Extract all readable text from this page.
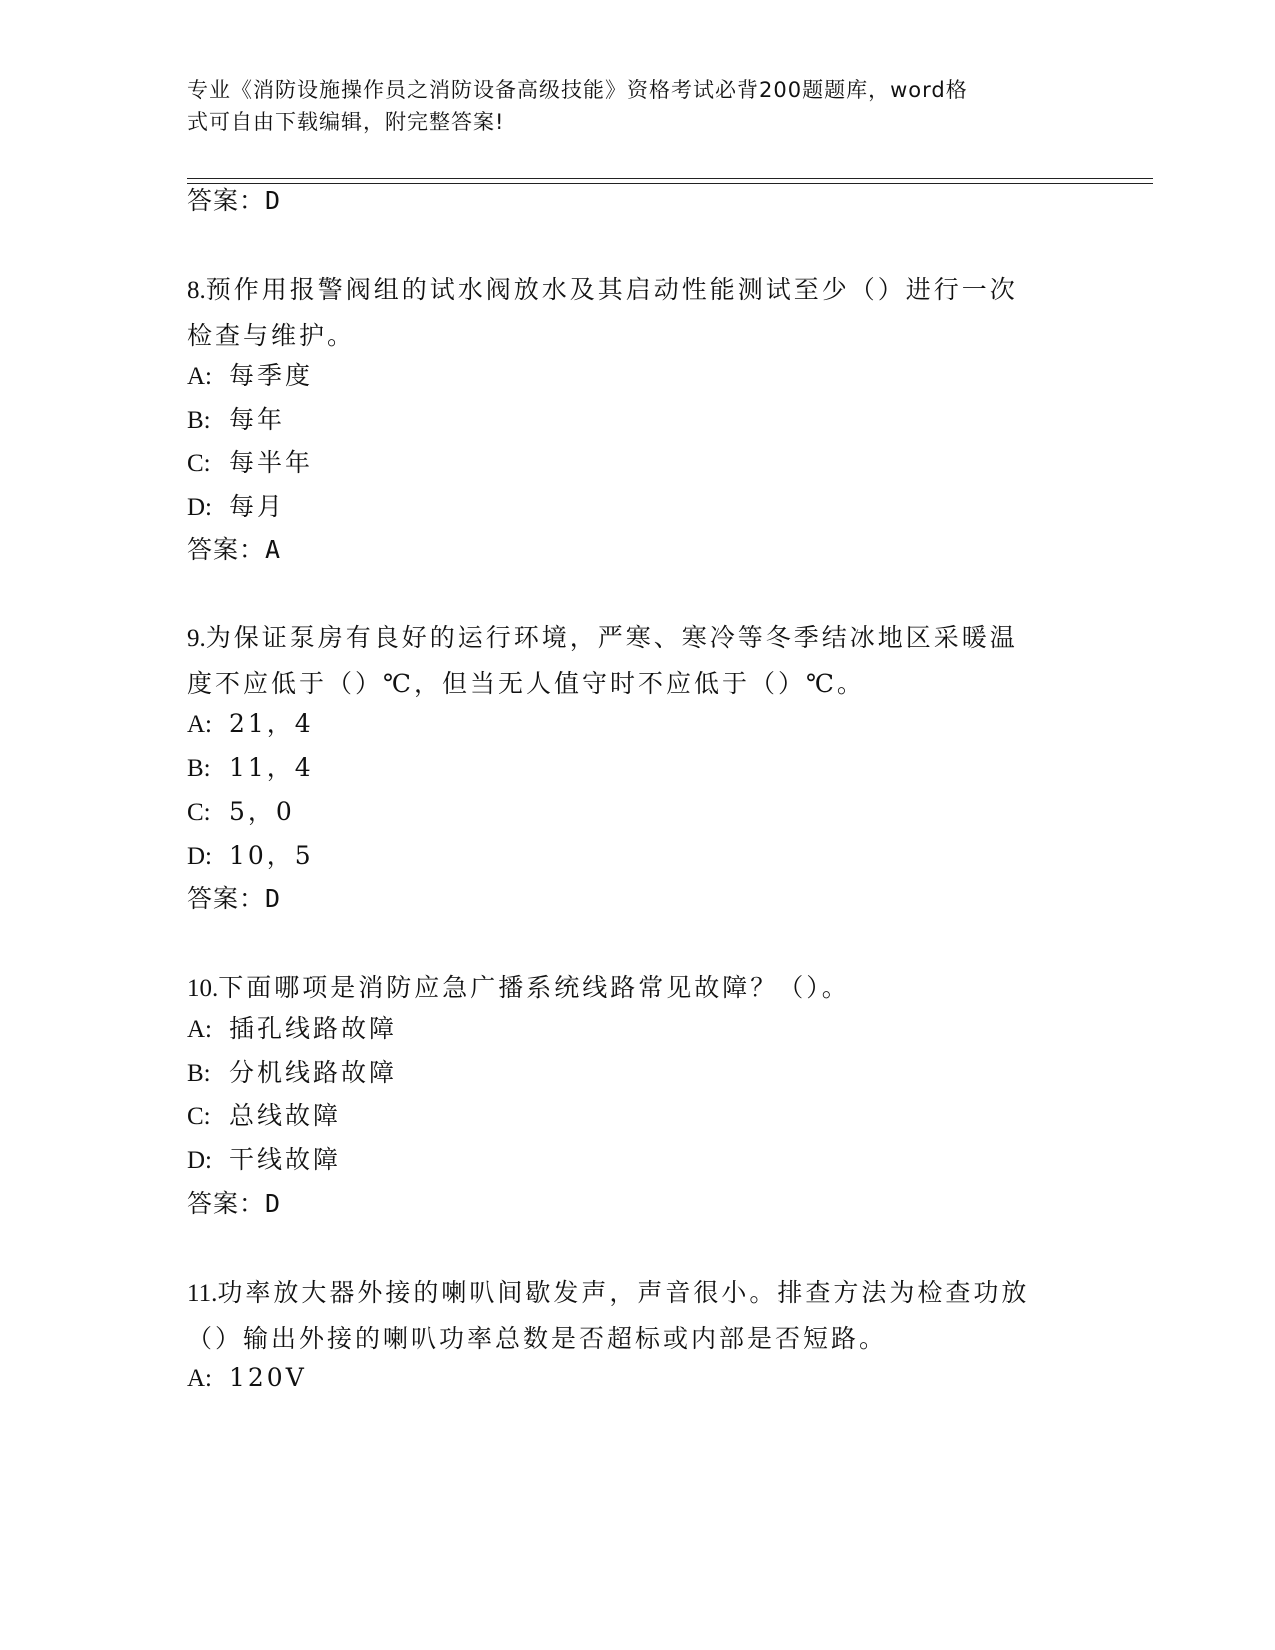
专业《消防设施操作员之消防设备高级技能》资格考试必背200题题库，word格
式可自由下载编辑，附完整答案!
答案：D
8.预作用报警阀组的试水阀放水及其启动性能测试至少（）进行一次
检查与维护。
A: 每季度
B: 每年
C: 每半年
D: 每月
答案：A
9.为保证泵房有良好的运行环境，严寒、寒冷等冬季结冰地区采暖温
度不应低于（）℃，但当无人值守时不应低于（）℃。
A: 21，4
B: 11，4
C: 5，0
D: 10，5
答案：D
10.下面哪项是消防应急广播系统线路常见故障？（）。
A: 插孔线路故障
B: 分机线路故障
C: 总线故障
D: 干线故障
答案：D
11.功率放大器外接的喇叭间歇发声，声音很小。排查方法为检查功放
（）输出外接的喇叭功率总数是否超标或内部是否短路。
A: 120V
